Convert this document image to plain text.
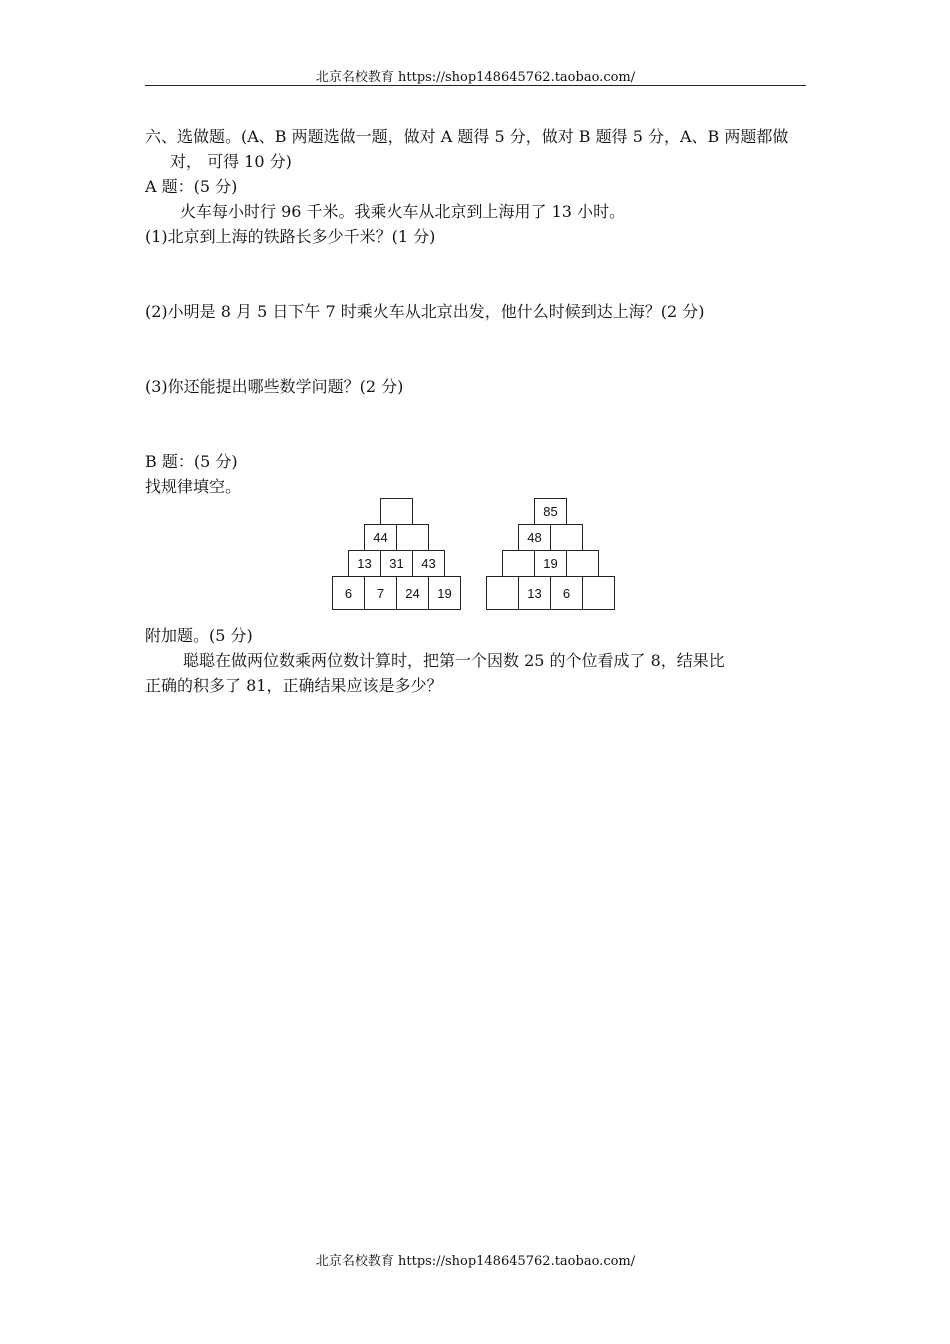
北京名校教育 https://shop148645762.taobao.com/
六、选做题。(A、B 两题选做一题，做对 A 题得 5 分，做对 B 题得 5 分，A、B 两题都做
对， 可得 10 分)
A 题：(5 分)
火车每小时行 96 千米。我乘火车从北京到上海用了 13 小时。
(1)北京到上海的铁路长多少千米？(1 分)
(2)小明是 8 月 5 日下午 7 时乘火车从北京出发，他什么时候到达上海？(2 分)
(3)你还能提出哪些数学问题？(2 分)
B 题：(5 分)
找规律填空。
44
13	31	43
6	7	24	19
85
48
19
13	6
附加题。(5 分)
聪聪在做两位数乘两位数计算时，把第一个因数 25 的个位看成了 8，结果比
正确的积多了 81，正确结果应该是多少？
北京名校教育 https://shop148645762.taobao.com/
